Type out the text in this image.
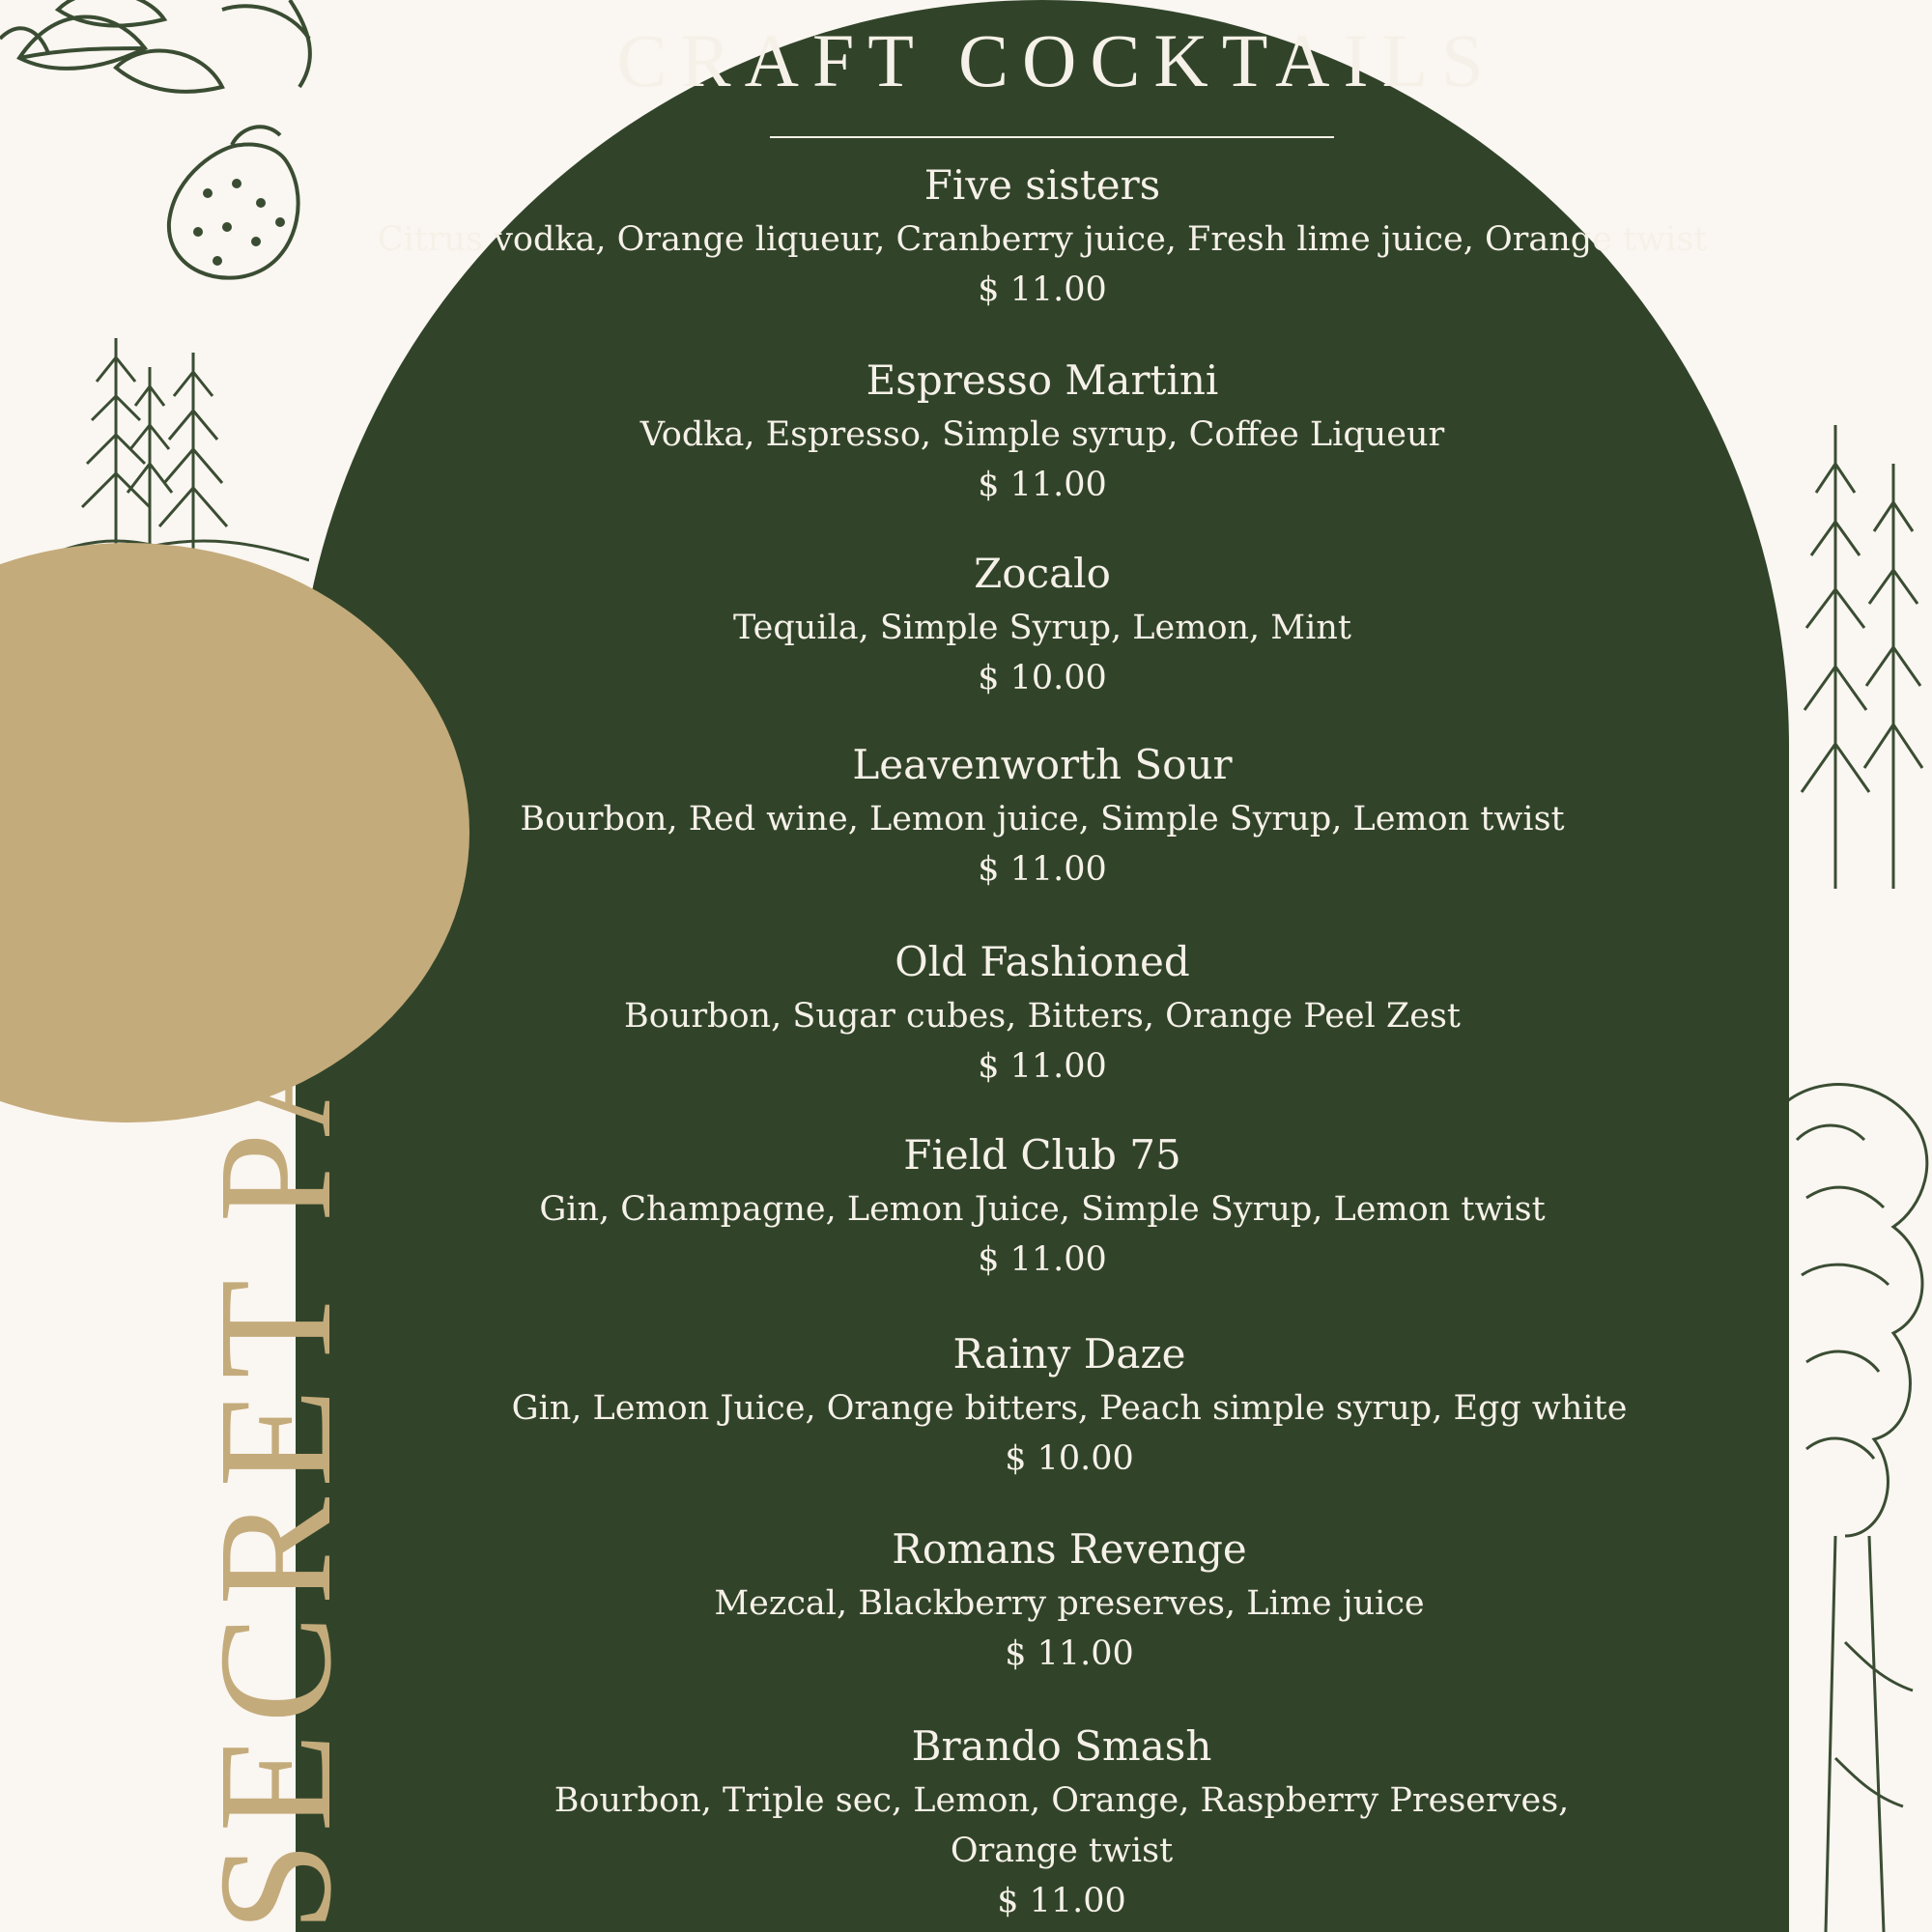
SECRET PARK
CRAFT COCKTAILS
Five sisters
Citrus vodka, Orange liqueur, Cranberry juice, Fresh lime juice, Orange twist
$ 11.00
Espresso Martini
Vodka, Espresso, Simple syrup, Coffee Liqueur
$ 11.00
Zocalo
Tequila, Simple Syrup, Lemon, Mint
$ 10.00
Leavenworth Sour
Bourbon, Red wine, Lemon juice, Simple Syrup, Lemon twist
$ 11.00
Old Fashioned
Bourbon, Sugar cubes, Bitters, Orange Peel Zest
$ 11.00
Field Club 75
Gin, Champagne, Lemon Juice, Simple Syrup, Lemon twist
$ 11.00
Rainy Daze
Gin, Lemon Juice, Orange bitters, Peach simple syrup, Egg white
$ 10.00
Romans Revenge
Mezcal, Blackberry preserves, Lime juice
$ 11.00
Brando Smash
Bourbon, Triple sec, Lemon, Orange, Raspberry Preserves,
Orange twist
$ 11.00
